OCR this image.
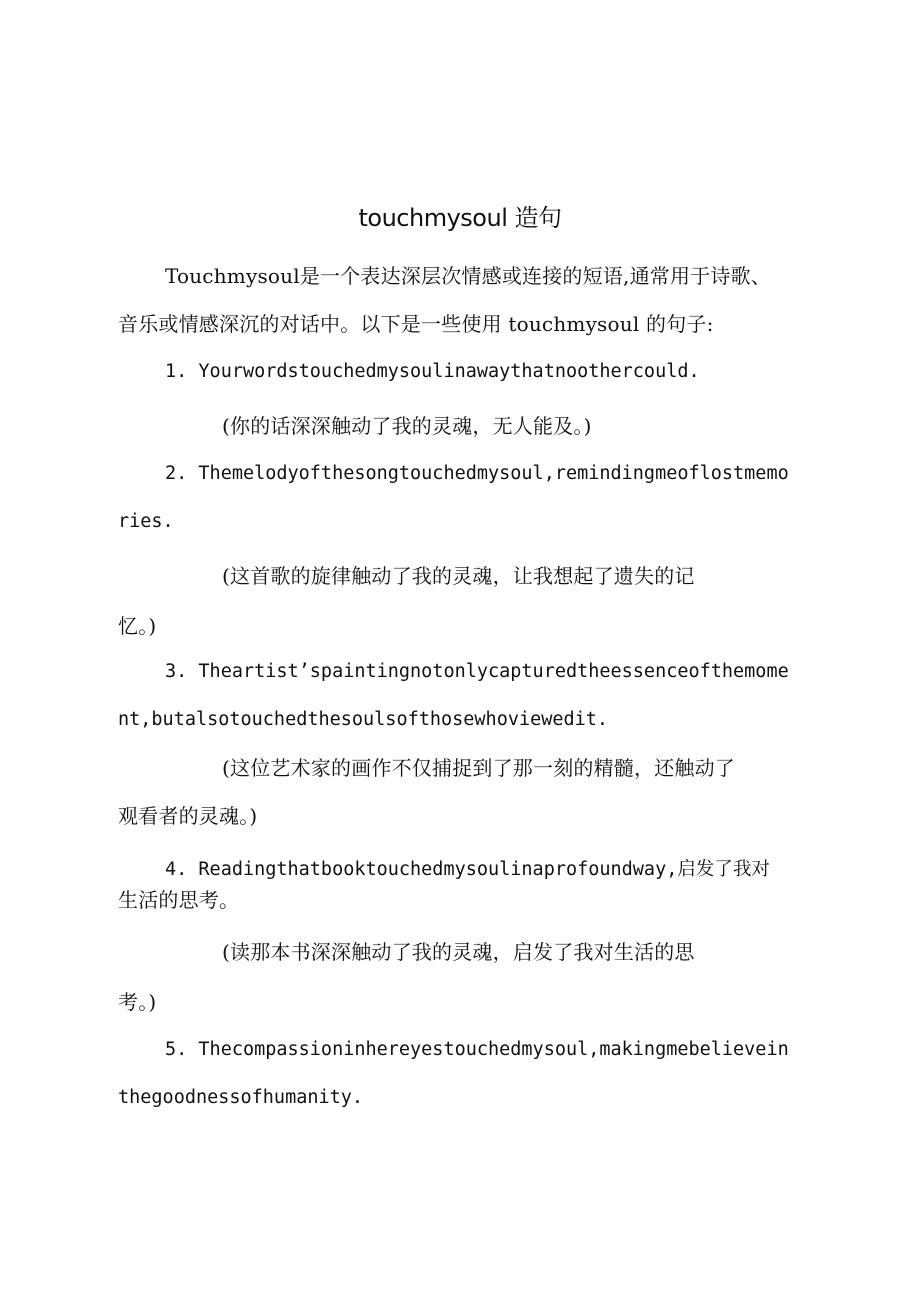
touchmysoul 造句

Touchmysoul是一个表达深层次情感或连接的短语,通常用于诗歌、

音乐或情感深沉的对话中。以下是一些使用 touchmysoul 的句子:

1. Yourwordstouchedmysoulinawaythatnoothercould.

(你的话深深触动了我的灵魂，无人能及。)

2. Themelodyofthesongtouchedmysoul,remindingmeoflostmemo

ries.

(这首歌的旋律触动了我的灵魂，让我想起了遗失的记

忆。)

3. Theartist’spaintingnotonlycapturedtheessenceofthemome

nt,butalsotouchedthesoulsofthosewhoviewedit.

(这位艺术家的画作不仅捕捉到了那一刻的精髓，还触动了

观看者的灵魂。)

4. Readingthatbooktouchedmysoulinaprofoundway,启发了我对

生活的思考。

(读那本书深深触动了我的灵魂，启发了我对生活的思

考。)

5. Thecompassioninhereyestouchedmysoul,makingmebelievein

thegoodnessofhumanity.
